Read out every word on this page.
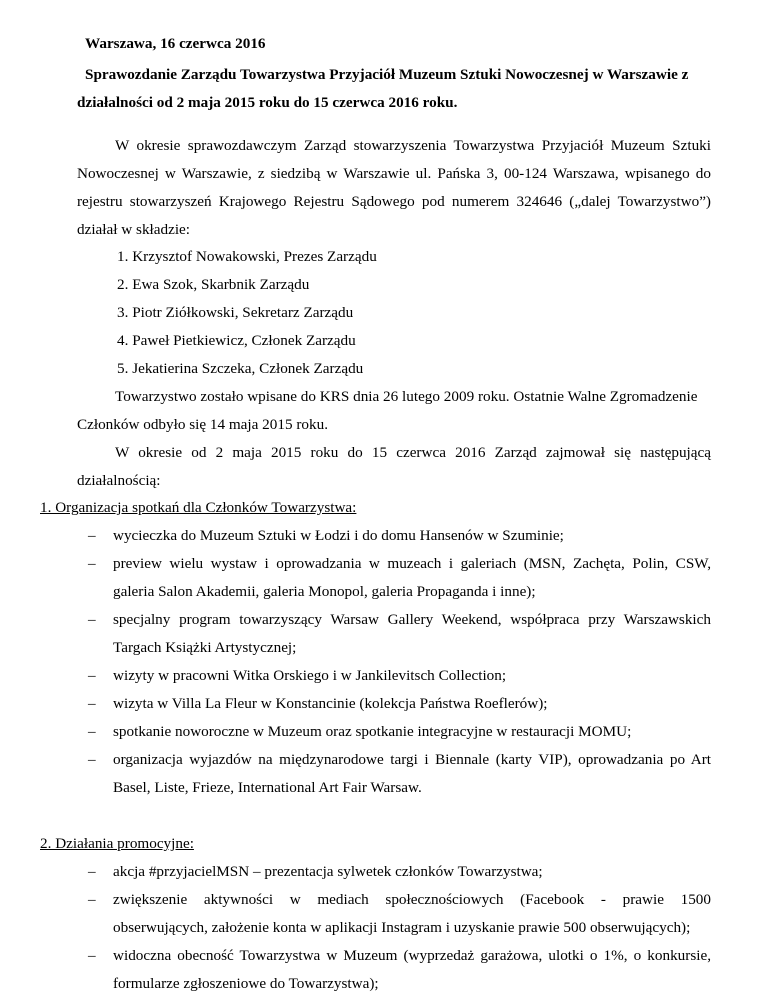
Warszawa, 16 czerwca 2016
Sprawozdanie Zarządu Towarzystwa Przyjaciół Muzeum Sztuki Nowoczesnej w Warszawie z
działalności od 2 maja 2015 roku do 15 czerwca 2016 roku.
W okresie sprawozdawczym Zarząd stowarzyszenia Towarzystwa Przyjaciół Muzeum Sztuki
Nowoczesnej w Warszawie, z siedzibą w Warszawie ul. Pańska 3, 00-124 Warszawa, wpisanego do
rejestru stowarzyszeń Krajowego Rejestru Sądowego pod numerem 324646 („dalej Towarzystwo”)
działał w składzie:
1. Krzysztof Nowakowski, Prezes Zarządu
2. Ewa Szok, Skarbnik Zarządu
3. Piotr Ziółkowski, Sekretarz Zarządu
4. Paweł Pietkiewicz, Członek Zarządu
5. Jekatierina Szczeka, Członek Zarządu
Towarzystwo zostało wpisane do KRS dnia 26 lutego 2009 roku. Ostatnie Walne Zgromadzenie
Członków odbyło się 14 maja 2015 roku.
W okresie od 2 maja 2015 roku do 15 czerwca 2016 Zarząd zajmował się następującą
działalnością:
1. Organizacja spotkań dla Członków Towarzystwa:
– wycieczka do Muzeum Sztuki w Łodzi i do domu Hansenów w Szuminie;
– preview wielu wystaw i oprowadzania w muzeach i galeriach (MSN, Zachęta, Polin, CSW,
galeria Salon Akademii, galeria Monopol, galeria Propaganda i inne);
– specjalny program towarzyszący Warsaw Gallery Weekend, współpraca przy Warszawskich
Targach Książki Artystycznej;
– wizyty w pracowni Witka Orskiego i w Jankilevitsch Collection;
– wizyta w Villa La Fleur w Konstancinie (kolekcja Państwa Roeflerów);
– spotkanie noworoczne w Muzeum oraz spotkanie integracyjne w restauracji MOMU;
– organizacja wyjazdów na międzynarodowe targi i Biennale (karty VIP), oprowadzania po Art
Basel, Liste, Frieze, International Art Fair Warsaw.
2. Działania promocyjne:
– akcja #przyjacielMSN – prezentacja sylwetek członków Towarzystwa;
– zwiększenie aktywności w mediach społecznościowych (Facebook - prawie 1500
obserwujących, założenie konta w aplikacji Instagram i uzyskanie prawie 500 obserwujących);
– widoczna obecność Towarzystwa w Muzeum (wyprzedaż garażowa, ulotki o 1%, o konkursie,
formularze zgłoszeniowe do Towarzystwa);
